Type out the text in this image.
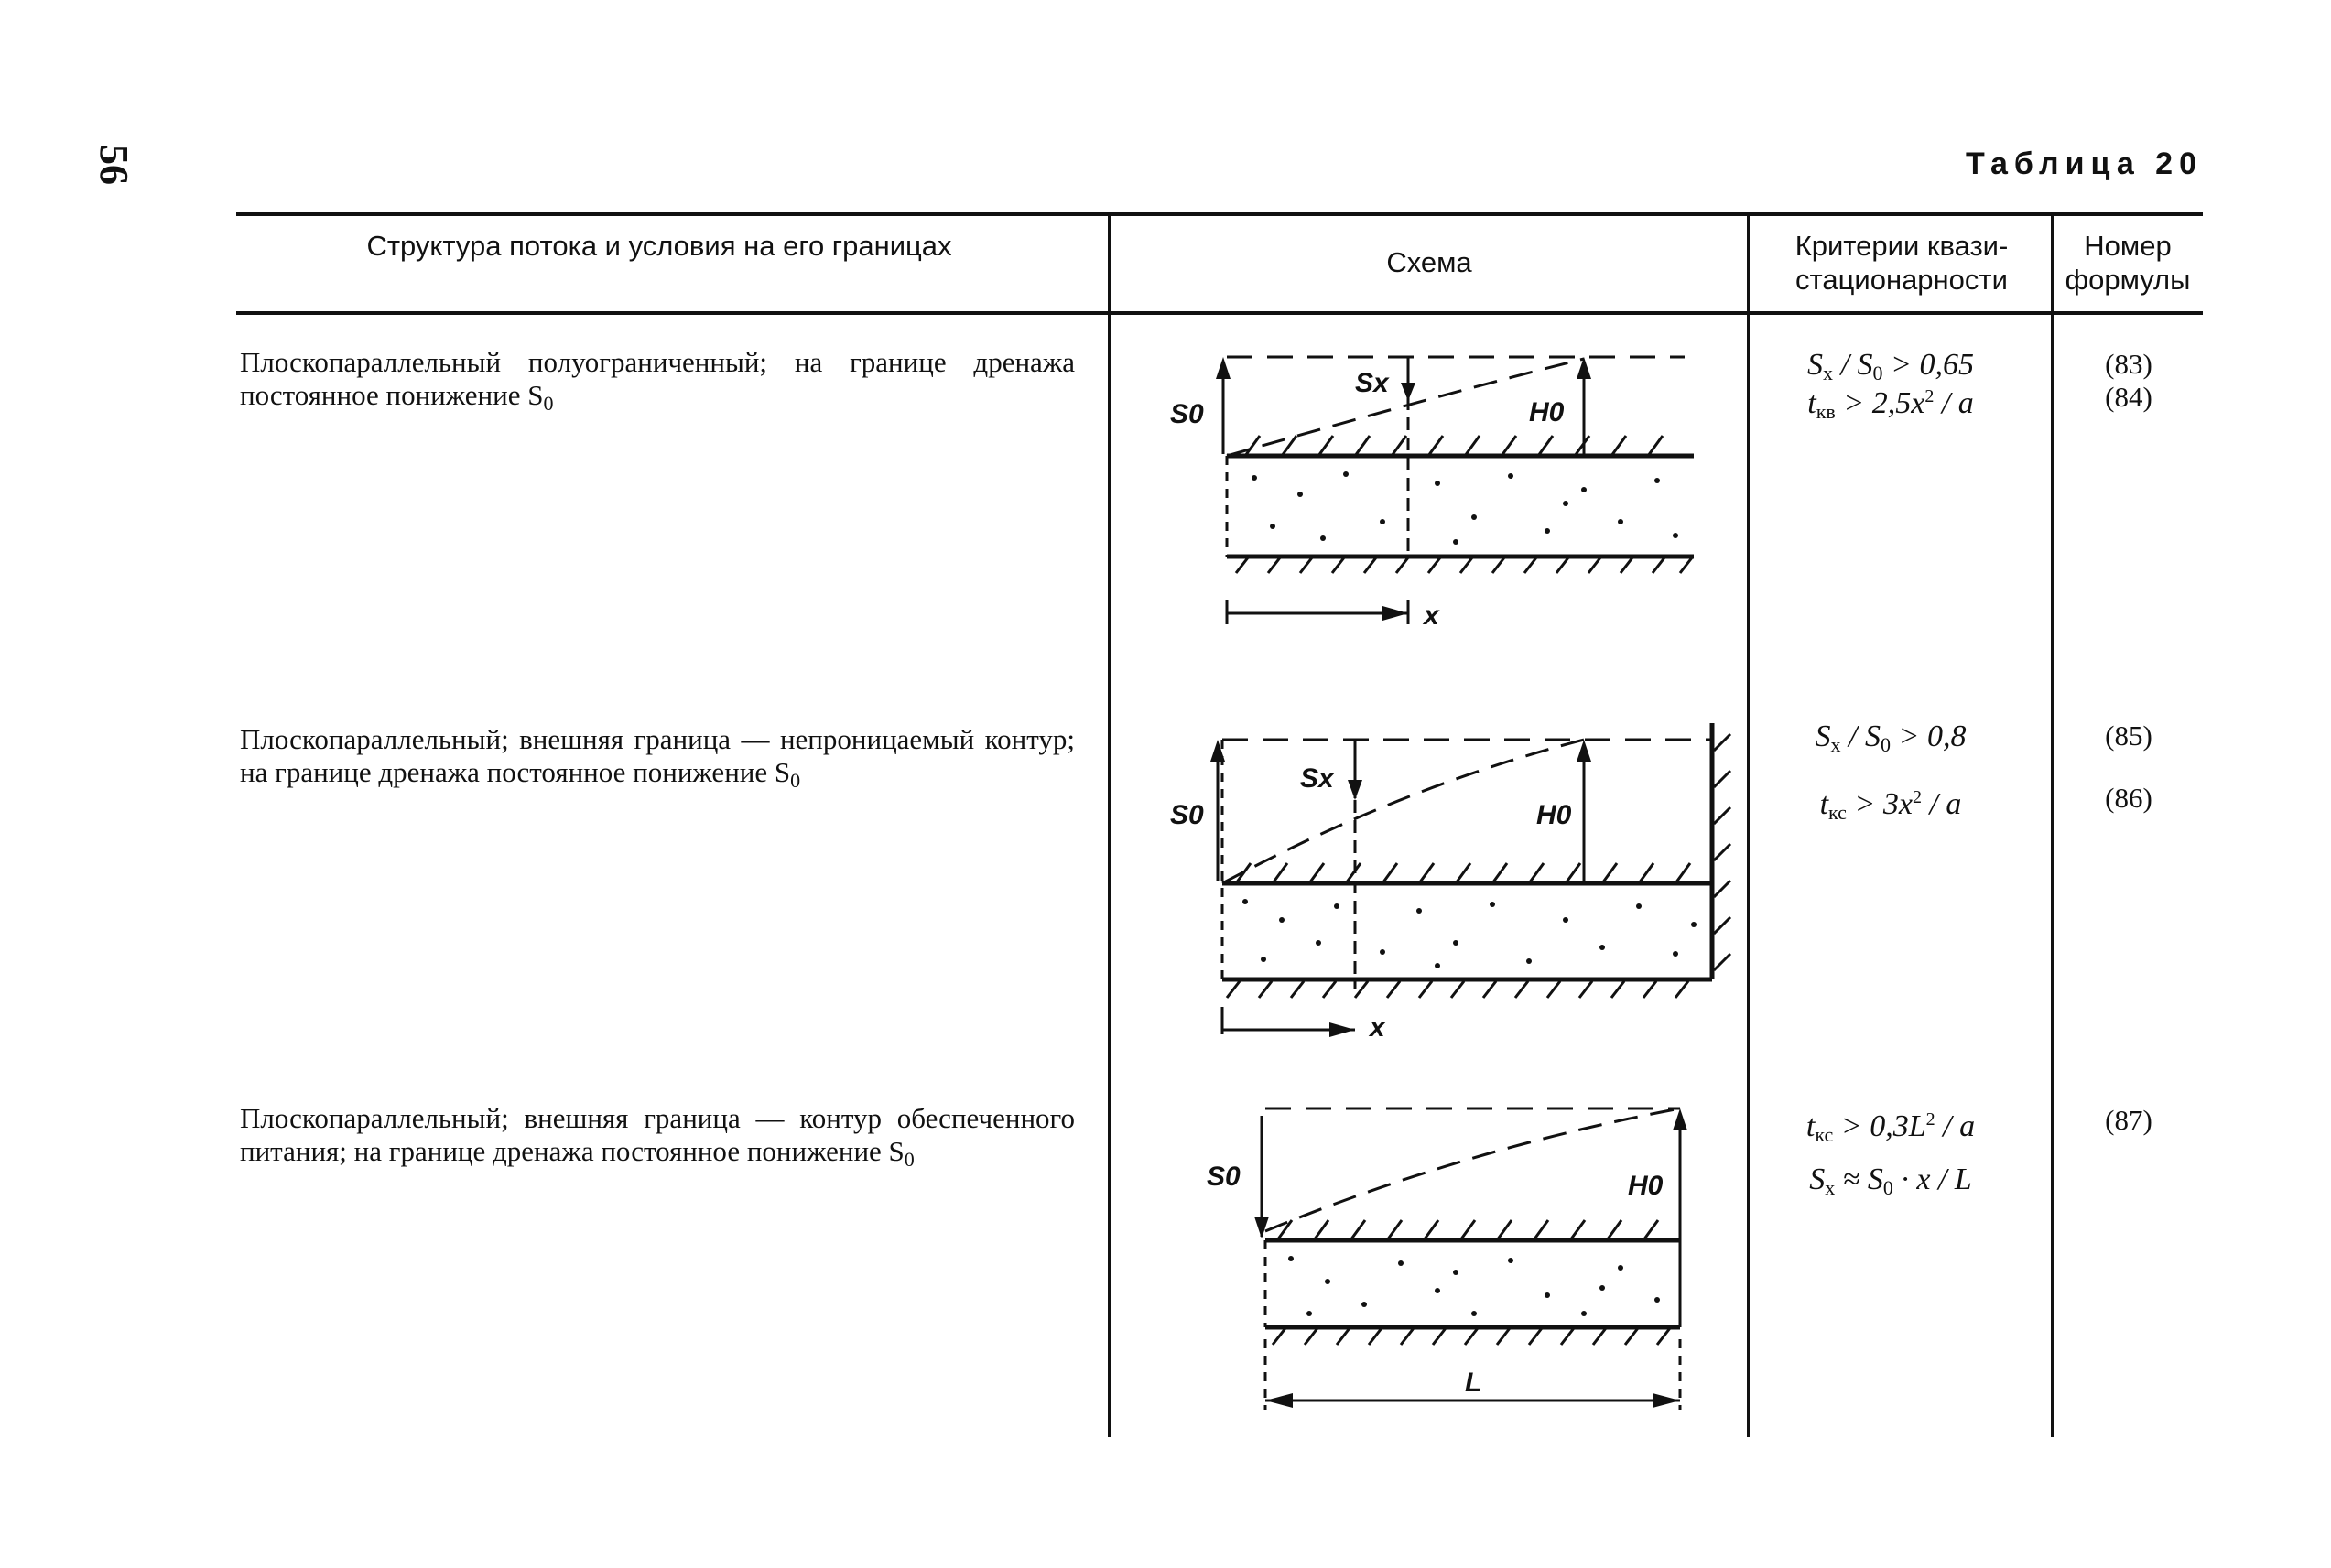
56	Таблица 20
Структура потока и условия на его границах
Схема
Критерии квази-стационарности
Номер формулы
Плоскопараллельный полуограниченный; на границе дренажа постоянное понижение $S_0$
$S_x / S_0 > 0,65$
$t_{кв} > 2,5x^2 / a$
(83)
(84)
S0
Sx
H0
x
Плоскопараллельный; внешняя граница — непроницаемый контур; на границе дренажа постоянное понижение $S_0$
$S_x / S_0 > 0,8$
$t_{кс} > 3x^2 / a$
(85)
(86)
S0
Sx
H0
x
Плоскопараллельный; внешняя граница — контур обеспеченного питания; на границе дренажа постоянное понижение $S_0$
$t_{кс} > 0,3L^2 / a$
$S_x \approx S_0 \cdot x / L$
(87)
S0	H0
L
